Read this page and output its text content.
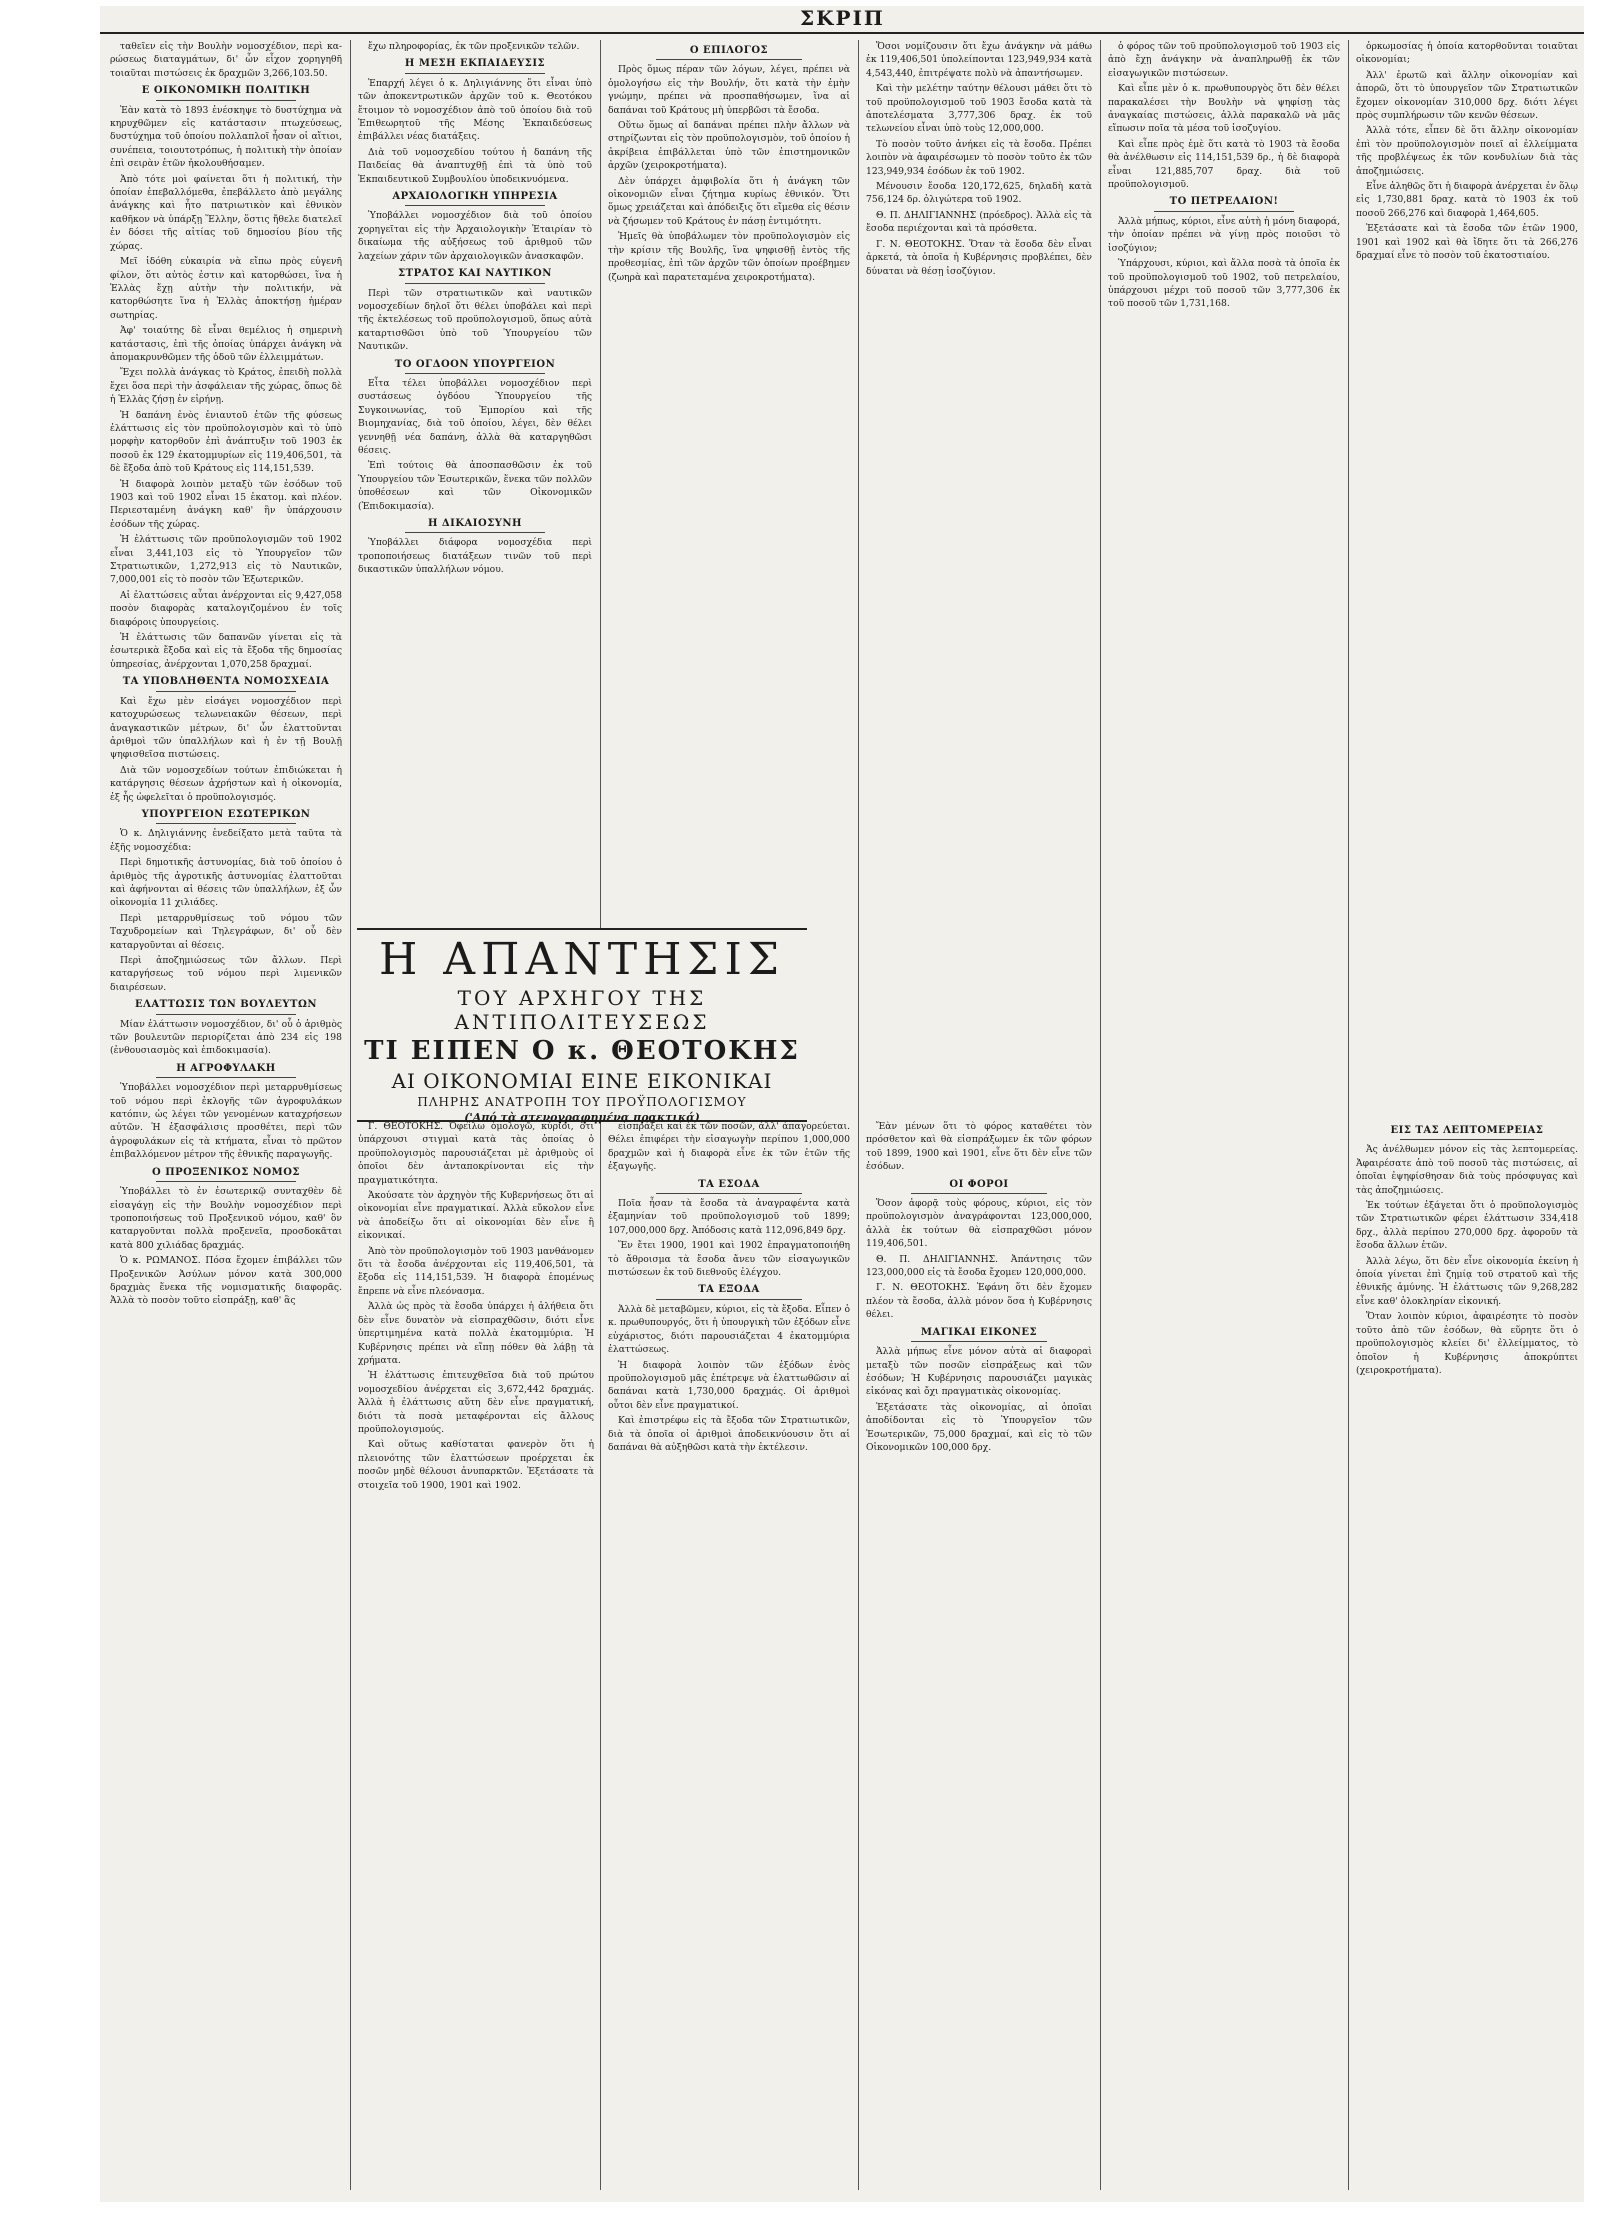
ΣΚΡΙΠ

ταθεῖεν εἰς τὴν Βουλὴν νομοσχέδιον, περὶ κα-ρώσεως διαταγμάτων, δι' ὧν εἶχον χορηγηθῆ τοιαῦται πιστώσεις ἐκ δραχμῶν 3,266,103.50.

Ε ΟΙΚΟΝΟΜΙΚΗ ΠΟΛΙΤΙΚΗ

Ἐὰν κατὰ τὸ 1893 ἐνέσκηψε τὸ δυστύχημα νὰ κηρυχθῶμεν εἰς κατάστασιν πτωχεύσεως, δυστύχημα τοῦ ὁποίου πολλαπλοῖ ἦσαν οἱ αἴτιοι, συνέπεια, τοιουτοτρόπως, ἡ πολιτικὴ τὴν ὁποίαν ἐπὶ σειρὰν ἐτῶν ἠκολουθήσαμεν.

Ἀπὸ τότε μοὶ φαίνεται ὅτι ἡ πολιτική, τὴν ὁποίαν ἐπεβαλλόμεθα, ἐπεβάλλετο ἀπὸ μεγάλης ἀνάγκης καὶ ἦτο πατριωτικὸν καὶ ἐθνικὸν καθῆκον νὰ ὑπάρξῃ Ἕλλην, ὅστις ἤθελε διατελεῖ ἐν δόσει τῆς αἰτίας τοῦ δημοσίου βίου τῆς χώρας.

Μεῖ ἰδόθη εὐκαιρία νὰ εἴπω πρὸς εὐγενῆ φίλον, ὅτι αὐτὸς ἐστιν καὶ κατορθώσει, ἵνα ἡ Ἑλλὰς ἔχῃ αὐτὴν τὴν πολιτικήν, νὰ κατορθώσητε ἵνα ἡ Ἑλλὰς ἀποκτήσῃ ἡμέραν σωτηρίας.

Ἀφ' τοιαύτης δὲ εἶναι θεμέλιος ἡ σημερινὴ κατάστασις, ἐπὶ τῆς ὁποίας ὑπάρχει ἀνάγκη νὰ ἀπομακρυνθῶμεν τῆς ὁδοῦ τῶν ἐλλειμμάτων.

Ἔχει πολλὰ ἀνάγκας τὸ Κράτος, ἐπειδὴ πολλὰ ἔχει ὅσα περὶ τὴν ἀσφάλειαν τῆς χώρας, ὅπως δὲ ἡ Ἑλλὰς ζήσῃ ἐν εἰρήνῃ.

Ἡ δαπάνη ἐνὸς ἐνιαυτοῦ ἐτῶν τῆς φύσεως ἐλάττωσις εἰς τὸν προϋπολογισμὸν καὶ τὸ ὑπὸ μορφὴν κατορθοῦν ἐπὶ ἀνάπτυξιν τοῦ 1903 ἐκ ποσοῦ ἐκ 129 ἑκατομμυρίων εἰς 119,406,501, τὰ δὲ ἔξοδα ἀπὸ τοῦ Κράτους εἰς 114,151,539.

Ἡ διαφορὰ λοιπὸν μεταξὺ τῶν ἐσόδων τοῦ 1903 καὶ τοῦ 1902 εἶναι 15 ἑκατομ. καὶ πλέον. Περιεσταμένη ἀνάγκη καθ' ἣν ὑπάρχουσιν ἐσόδων τῆς χώρας.

Ἡ ἐλάττωσις τῶν προϋπολογισμῶν τοῦ 1902 εἶναι 3,441,103 εἰς τὸ Ὑπουργεῖον τῶν Στρατιωτικῶν, 1,272,913 εἰς τὸ Ναυτικῶν, 7,000,001 εἰς τὸ ποσὸν τῶν Ἐξωτερικῶν.

Αἱ ἐλαττώσεις αὗται ἀνέρχονται εἰς 9,427,058 ποσὸν διαφορὰς καταλογιζομένου ἐν τοῖς διαφόροις ὑπουργείοις.

Ἡ ἐλάττωσις τῶν δαπανῶν γίνεται εἰς τὰ ἐσωτερικὰ ἔξοδα καὶ εἰς τὰ ἔξοδα τῆς δημοσίας ὑπηρεσίας, ἀνέρχονται 1,070,258 δραχμαί.

ΤΑ ΥΠΟΒΛΗΘΕΝΤΑ ΝΟΜΟΣΧΕΔΙΑ

Καὶ ἔχω μὲν εἰσάγει νομοσχέδιον περὶ κατοχυρώσεως τελωνειακῶν θέσεων, περὶ ἀναγκαστικῶν μέτρων, δι' ὧν ἐλαττοῦνται ἀριθμοὶ τῶν ὑπαλλήλων καὶ ἡ ἐν τῇ Βουλῇ ψηφισθεῖσα πιστώσεις.

Διὰ τῶν νομοσχεδίων τούτων ἐπιδιώκεται ἡ κατάργησις θέσεων ἀχρήστων καὶ ἡ οἰκονομία, ἐξ ἧς ὠφελεῖται ὁ προϋπολογισμός.

ΥΠΟΥΡΓΕΙΟΝ ΕΣΩΤΕΡΙΚΩΝ

Ὁ κ. Δηλιγιάννης ἐνεδείξατο μετὰ ταῦτα τὰ ἑξῆς νομοσχέδια:

Περὶ δημοτικῆς ἀστυνομίας, διὰ τοῦ ὁποίου ὁ ἀριθμὸς τῆς ἀγροτικῆς ἀστυνομίας ἐλαττοῦται καὶ ἀφήνονται αἱ θέσεις τῶν ὑπαλλήλων, ἐξ ὧν οἰκονομία 11 χιλιάδες.

Περὶ μεταρρυθμίσεως τοῦ νόμου τῶν Ταχυδρομείων καὶ Τηλεγράφων, δι' οὗ δὲν καταργοῦνται αἱ θέσεις.

Περὶ ἀποζημιώσεως τῶν ἄλλων. Περὶ καταργήσεως τοῦ νόμου περὶ λιμενικῶν διαιρέσεων.

ΕΛΑΤΤΩΣΙΣ ΤΩΝ ΒΟΥΛΕΥΤΩΝ

Μίαν ἐλάττωσιν νομοσχέδιον, δι' οὗ ὁ ἀριθμὸς τῶν βουλευτῶν περιορίζεται ἀπὸ 234 εἰς 198 (ἐνθουσιασμὸς καὶ ἐπιδοκιμασία).

Η ΑΓΡΟΦΥΛΑΚΗ

Ὑποβάλλει νομοσχέδιον περὶ μεταρρυθμίσεως τοῦ νόμου περὶ ἐκλογῆς τῶν ἀγροφυλάκων κατόπιν, ὡς λέγει τῶν γενομένων καταχρήσεων αὐτῶν. Ἡ ἐξασφάλισις προσθέτει, περὶ τῶν ἀγροφυλάκων εἰς τὰ κτήματα, εἶναι τὸ πρῶτον ἐπιβαλλόμενον μέτρον τῆς ἐθνικῆς παραγωγῆς.

Ο ΠΡΟΞΕΝΙΚΟΣ ΝΟΜΟΣ

Ὑποβάλλει τὸ ἐν ἐσωτερικῷ συνταχθὲν δὲ εἰσαγάγῃ εἰς τὴν Βουλὴν νομοσχέδιον περὶ τροποποιήσεως τοῦ Προξενικοῦ νόμου, καθ' ὃν καταργοῦνται πολλὰ προξενεῖα, προσδοκᾶται κατὰ 800 χιλιάδας δραχμάς.

Ὁ κ. ΡΩΜΑΝΟΣ. Πόσα ἔχομεν ἐπιβάλλει τῶν Προξενικῶν Ἀσύλων μόνον κατὰ 300,000 δραχμὰς ἕνεκα τῆς νομισματικῆς διαφορᾶς. Ἀλλὰ τὸ ποσὸν τοῦτο εἰσπράξῃ, καθ' ἃς

ἔχω πληροφορίας, ἐκ τῶν προξενικῶν τελῶν.

Η ΜΕΣΗ ΕΚΠΑΙΔΕΥΣΙΣ

Ἐπαρχή λέγει ὁ κ. Δηλιγιάννης ὅτι εἶναι ὑπὸ τῶν ἀποκεντρωτικῶν ἀρχῶν τοῦ κ. Θεοτόκου ἔτοιμον τὸ νομοσχέδιον ἀπὸ τοῦ ὁποίου διὰ τοῦ Ἐπιθεωρητοῦ τῆς Μέσης Ἐκπαιδεύσεως ἐπιβάλλει νέας διατάξεις.

Διὰ τοῦ νομοσχεδίου τούτου ἡ δαπάνη τῆς Παιδείας θὰ ἀναπτυχθῇ ἐπὶ τὰ ὑπὸ τοῦ Ἐκπαιδευτικοῦ Συμβουλίου ὑποδεικνυόμενα.

ΑΡΧΑΙΟΛΟΓΙΚΗ ΥΠΗΡΕΣΙΑ

Ὑποβάλλει νομοσχέδιον διὰ τοῦ ὁποίου χορηγεῖται εἰς τὴν Ἀρχαιολογικὴν Ἑταιρίαν τὸ δικαίωμα τῆς αὐξήσεως τοῦ ἀριθμοῦ τῶν λαχείων χάριν τῶν ἀρχαιολογικῶν ἀνασκαφῶν.

ΣΤΡΑΤΟΣ ΚΑΙ ΝΑΥΤΙΚΟΝ

Περὶ τῶν στρατιωτικῶν καὶ ναυτικῶν νομοσχεδίων δηλοῖ ὅτι θέλει ὑποβάλει καὶ περὶ τῆς ἐκτελέσεως τοῦ προϋπολογισμοῦ, ὅπως αὐτὰ καταρτισθῶσι ὑπὸ τοῦ Ὑπουργείου τῶν Ναυτικῶν.

ΤΟ ΟΓΔΟΟΝ ΥΠΟΥΡΓΕΙΟΝ

Εἶτα τέλει ὑποβάλλει νομοσχέδιον περὶ συστάσεως ὀγδόου Ὑπουργείου τῆς Συγκοινωνίας, τοῦ Ἐμπορίου καὶ τῆς Βιομηχανίας, διὰ τοῦ ὁποίου, λέγει, δὲν θέλει γεννηθῇ νέα δαπάνη, ἀλλὰ θὰ καταργηθῶσι θέσεις.

Ἐπὶ τούτοις θὰ ἀποσπασθῶσιν ἐκ τοῦ Ὑπουργείου τῶν Ἐσωτερικῶν, ἕνεκα τῶν πολλῶν ὑποθέσεων καὶ τῶν Οἰκονομικῶν (Ἐπιδοκιμασία).

Η ΔΙΚΑΙΟΣΥΝΗ

Ὑποβάλλει διάφορα νομοσχέδια περὶ τροποποιήσεως διατάξεων τινῶν τοῦ περὶ δικαστικῶν ὑπαλλήλων νόμου.

Ο ΕΠΙΛΟΓΟΣ

Πρὸς ὅμως πέραν τῶν λόγων, λέγει, πρέπει νὰ ὁμολογήσω εἰς τὴν Βουλήν, ὅτι κατὰ τὴν ἐμὴν γνώμην, πρέπει νὰ προσπαθήσωμεν, ἵνα αἱ δαπάναι τοῦ Κράτους μὴ ὑπερβῶσι τὰ ἔσοδα.

Οὕτω ὅμως αἱ δαπάναι πρέπει πλὴν ἄλλων νὰ στηρίζωνται εἰς τὸν προϋπολογισμὸν, τοῦ ὁποίου ἡ ἀκρίβεια ἐπιβάλλεται ὑπὸ τῶν ἐπιστημονικῶν ἀρχῶν (χειροκροτήματα).

Δὲν ὑπάρχει ἀμφιβολία ὅτι ἡ ἀνάγκη τῶν οἰκονομιῶν εἶναι ζήτημα κυρίως ἐθνικόν. Ὅτι ὅμως χρειάζεται καὶ ἀπόδειξις ὅτι εἴμεθα εἰς θέσιν νὰ ζήσωμεν τοῦ Κράτους ἐν πάσῃ ἐντιμότητι.

Ἡμεῖς θὰ ὑποβάλωμεν τὸν προϋπολογισμὸν εἰς τὴν κρίσιν τῆς Βουλῆς, ἵνα ψηφισθῇ ἐντὸς τῆς προθεσμίας, ἐπὶ τῶν ἀρχῶν τῶν ὁποίων προέβημεν (ζωηρὰ καὶ παρατεταμένα χειροκροτήματα).

Ὅσοι νομίζουσιν ὅτι ἔχω ἀνάγκην νὰ μάθω ἐκ 119,406,501 ὑπολείπονται 123,949,934 κατὰ 4,543,440, ἐπιτρέψατε πολὺ νὰ ἀπαντήσωμεν.

Καὶ τὴν μελέτην ταύτην θέλουσι μάθει ὅτι τὸ τοῦ προϋπολογισμοῦ τοῦ 1903 ἔσοδα κατὰ τὰ ἀποτελέσματα 3,777,306 δραχ. ἐκ τοῦ τελωνείου εἶναι ὑπὸ τοὺς 12,000,000.

Τὸ ποσὸν τοῦτο ἀνήκει εἰς τὰ ἔσοδα. Πρέπει λοιπὸν νὰ ἀφαιρέσωμεν τὸ ποσὸν τοῦτο ἐκ τῶν 123,949,934 ἐσόδων ἐκ τοῦ 1902.

Μένουσιν ἔσοδα 120,172,625, δηλαδὴ κατὰ 756,124 δρ. ὀλιγώτερα τοῦ 1902.

Θ. Π. ΔΗΛΙΓΙΑΝΝΗΣ (πρόεδρος). Ἀλλὰ εἰς τὰ ἔσοδα περιέχονται καὶ τὰ πρόσθετα.

Γ. Ν. ΘΕΟΤΟΚΗΣ. Ὅταν τὰ ἔσοδα δὲν εἶναι ἀρκετά, τὰ ὁποῖα ἡ Κυβέρνησις προβλέπει, δὲν δύναται νὰ θέσῃ ἰσοζύγιον.

ὁ φόρος τῶν τοῦ προϋπολογισμοῦ τοῦ 1903 εἰς ἀπὸ ἔχῃ ἀνάγκην νὰ ἀναπληρωθῇ ἐκ τῶν εἰσαγωγικῶν πιστώσεων.

Καὶ εἶπε μὲν ὁ κ. πρωθυπουργὸς ὅτι δὲν θέλει παρακαλέσει τὴν Βουλὴν νὰ ψηφίσῃ τὰς ἀναγκαίας πιστώσεις, ἀλλὰ παρακαλῶ νὰ μᾶς εἴπωσιν ποῖα τὰ μέσα τοῦ ἰσοζυγίου.

Καὶ εἶπε πρὸς ἐμὲ ὅτι κατὰ τὸ 1903 τὰ ἔσοδα θὰ ἀνέλθωσιν εἰς 114,151,539 δρ., ἡ δὲ διαφορὰ εἶναι 121,885,707 δραχ. διὰ τοῦ προϋπολογισμοῦ.

ΤΟ ΠΕΤΡΕΛΑΙΟΝ!

Ἀλλὰ μήπως, κύριοι, εἶνε αὐτὴ ἡ μόνη διαφορά, τὴν ὁποίαν πρέπει νὰ γίνῃ πρὸς ποιοῦσι τὸ ἰσοζύγιον;

Ὑπάρχουσι, κύριοι, καὶ ἄλλα ποσὰ τὰ ὁποῖα ἐκ τοῦ προϋπολογισμοῦ τοῦ 1902, τοῦ πετρελαίου, ὑπάρχουσι μέχρι τοῦ ποσοῦ τῶν 3,777,306 ἐκ τοῦ ποσοῦ τῶν 1,731,168.

ὁρκωμοσίας ἡ ὁποία κατορθοῦνται τοιαῦται οἰκονομίαι;

Ἀλλ' ἐρωτῶ καὶ ἄλλην οἰκονομίαν καὶ ἀπορῶ, ὅτι τὸ ὑπουργεῖον τῶν Στρατιωτικῶν ἔχομεν οἰκονομίαν 310,000 δρχ. διότι λέγει πρὸς συμπλήρωσιν τῶν κενῶν θέσεων.

Ἀλλὰ τότε, εἶπεν δὲ ὅτι ἄλλην οἰκονομίαν ἐπὶ τὸν προϋπολογισμὸν ποιεῖ αἱ ἐλλείμματα τῆς προβλέψεως ἐκ τῶν κονδυλίων διὰ τὰς ἀποζημιώσεις.

Εἶνε ἀληθῶς ὅτι ἡ διαφορὰ ἀνέρχεται ἐν ὅλῳ εἰς 1,730,881 δραχ. κατὰ τὸ 1903 ἐκ τοῦ ποσοῦ 266,276 καὶ διαφορὰ 1,464,605.

Ἐξετάσατε καὶ τὰ ἔσοδα τῶν ἐτῶν 1900, 1901 καὶ 1902 καὶ θὰ ἴδητε ὅτι τὰ 266,276 δραχμαί εἶνε τὸ ποσὸν τοῦ ἑκατοστιαίου.

Η ΑΠΑΝΤΗΣΙΣ
ΤΟΥ ΑΡΧΗΓΟΥ ΤΗΣ ΑΝΤΙΠΟΛΙΤΕΥΣΕΩΣ
ΤΙ ΕΙΠΕΝ Ο κ. ΘΕΟΤΟΚΗΣ
ΑΙ ΟΙΚΟΝΟΜΙΑΙ ΕΙΝΕ ΕΙΚΟΝΙΚΑΙ
ΠΛΗΡΗΣ ΑΝΑΤΡΟΠΗ ΤΟΥ ΠΡΟΫΠΟΛΟΓΙΣΜΟΥ
('Από τὰ στενογραφημένα πρακτικά)

Γ. ΘΕΟΤΟΚΗΣ. Ὀφείλω ὁμολογῶ, κύριοι, ὅτι ὑπάρχουσι στιγμαὶ κατὰ τὰς ὁποίας ὁ προϋπολογισμὸς παρουσιάζεται μὲ ἀριθμοὺς οἱ ὁποῖοι δὲν ἀνταποκρίνονται εἰς τὴν πραγματικότητα.

Ἀκούσατε τὸν ἀρχηγὸν τῆς Κυβερνήσεως ὅτι αἱ οἰκονομίαι εἶνε πραγματικαί. Ἀλλὰ εὔκολον εἶνε νὰ ἀποδείξω ὅτι αἱ οἰκονομίαι δὲν εἶνε ἢ εἰκονικαί.

Ἀπὸ τὸν προϋπολογισμὸν τοῦ 1903 μανθάνομεν ὅτι τὰ ἔσοδα ἀνέρχονται εἰς 119,406,501, τὰ ἔξοδα εἰς 114,151,539. Ἡ διαφορὰ ἑπομένως ἔπρεπε νὰ εἶνε πλεόνασμα.

Ἀλλὰ ὡς πρὸς τὰ ἔσοδα ὑπάρχει ἡ ἀλήθεια ὅτι δὲν εἶνε δυνατὸν νὰ εἰσπραχθῶσιν, διότι εἶνε ὑπερτιμημένα κατὰ πολλὰ ἑκατομμύρια. Ἡ Κυβέρνησις πρέπει νὰ εἴπῃ πόθεν θὰ λάβῃ τὰ χρήματα.

Ἡ ἐλάττωσις ἐπιτευχθεῖσα διὰ τοῦ πρώτου νομοσχεδίου ἀνέρχεται εἰς 3,672,442 δραχμάς. Ἀλλὰ ἡ ἐλάττωσις αὕτη δὲν εἶνε πραγματική, διότι τὰ ποσὰ μεταφέρονται εἰς ἄλλους προϋπολογισμούς.

Καὶ οὕτως καθίσταται φανερὸν ὅτι ἡ πλειονότης τῶν ἐλαττώσεων προέρχεται ἐκ ποσῶν μηδὲ θέλουσι ἀνυπαρκτῶν. Ἐξετάσατε τὰ στοιχεῖα τοῦ 1900, 1901 καὶ 1902.

εἰσπράξει καὶ ἐκ τῶν ποσῶν, ἀλλ' ἀπαγορεύεται. Θέλει ἐπιφέρει τὴν εἰσαγωγὴν περίπου 1,000,000 δραχμῶν καὶ ἡ διαφορὰ εἶνε ἐκ τῶν ἐτῶν τῆς ἐξαγωγῆς.

ΤΑ ΕΣΟΔΑ

Ποῖα ἦσαν τὰ ἔσοδα τὰ ἀναγραφέντα κατὰ ἐξαμηνίαν τοῦ προϋπολογισμοῦ τοῦ 1899; 107,000,000 δρχ. Ἀπόδοσις κατὰ 112,096,849 δρχ.

Ἔν ἔτει 1900, 1901 καὶ 1902 ἐπραγματοποιήθη τὸ ἄθροισμα τὰ ἔσοδα ἄνευ τῶν εἰσαγωγικῶν πιστώσεων ἐκ τοῦ διεθνοῦς ἐλέγχου.

ΤΑ ΕΞΟΔΑ

Ἀλλὰ δὲ μεταβῶμεν, κύριοι, εἰς τὰ ἔξοδα. Εἶπεν ὁ κ. πρωθυπουργός, ὅτι ἡ ὑπουργικὴ τῶν ἐξόδων εἶνε εὐχάριστος, διότι παρουσιάζεται 4 ἑκατομμύρια ἐλαττώσεως.

Ἡ διαφορὰ λοιπὸν τῶν ἐξόδων ἐνὸς προϋπολογισμοῦ μᾶς ἐπέτρεψε νὰ ἐλαττωθῶσιν αἱ δαπάναι κατὰ 1,730,000 δραχμάς. Οἱ ἀριθμοὶ οὗτοι δὲν εἶνε πραγματικοί.

Καὶ ἐπιστρέφω εἰς τὰ ἔξοδα τῶν Στρατιωτικῶν, διὰ τὰ ὁποῖα οἱ ἀριθμοὶ ἀποδεικνύουσιν ὅτι αἱ δαπάναι θὰ αὐξηθῶσι κατὰ τὴν ἐκτέλεσιν.

Ἔὰν μένων ὅτι τὸ φόρος καταθέτει τὸν πρόσθετον καὶ θὰ εἰσπράξωμεν ἐκ τῶν φόρων τοῦ 1899, 1900 καὶ 1901, εἶνε ὅτι δὲν εἶνε τῶν ἐσόδων.

ΟΙ ΦΟΡΟΙ

Ὅσον ἀφορᾷ τοὺς φόρους, κύριοι, εἰς τὸν προϋπολογισμὸν ἀναγράφονται 123,000,000, ἀλλὰ ἐκ τούτων θὰ εἰσπραχθῶσι μόνον 119,406,501.

Θ. Π. ΔΗΛΙΓΙΑΝΝΗΣ. Ἀπάντησις τῶν 123,000,000 εἰς τὰ ἔσοδα ἔχομεν 120,000,000.

Γ. Ν. ΘΕΟΤΟΚΗΣ. Ἐφάνη ὅτι δὲν ἔχομεν πλέον τὰ ἔσοδα, ἀλλὰ μόνον ὅσα ἡ Κυβέρνησις θέλει.

ΜΑΓΙΚΑΙ ΕΙΚΟΝΕΣ

Ἀλλὰ μήπως εἶνε μόνον αὐτὰ αἱ διαφοραὶ μεταξὺ τῶν ποσῶν εἰσπράξεως καὶ τῶν ἐσόδων; Ἡ Κυβέρνησις παρουσιάζει μαγικὰς εἰκόνας καὶ ὄχι πραγματικὰς οἰκονομίας.

Ἐξετάσατε τὰς οἰκονομίας, αἱ ὁποῖαι ἀποδίδονται εἰς τὸ Ὑπουργεῖον τῶν Ἐσωτερικῶν, 75,000 δραχμαί, καὶ εἰς τὸ τῶν Οἰκονομικῶν 100,000 δρχ.

ΕΙΣ ΤΑΣ ΛΕΠΤΟΜΕΡΕΙΑΣ

Ἀς ἀνέλθωμεν μόνον εἰς τὰς λεπτομερείας. Ἀφαιρέσατε ἀπὸ τοῦ ποσοῦ τὰς πιστώσεις, αἱ ὁποῖαι ἐψηφίσθησαν διὰ τοὺς πρόσφυγας καὶ τὰς ἀποζημιώσεις.

Ἐκ τούτων ἐξάγεται ὅτι ὁ προϋπολογισμὸς τῶν Στρατιωτικῶν φέρει ἐλάττωσιν 334,418 δρχ., ἀλλὰ περίπου 270,000 δρχ. ἀφοροῦν τὰ ἔσοδα ἄλλων ἐτῶν.

Ἀλλὰ λέγω, ὅτι δὲν εἶνε οἰκονομία ἐκείνη ἡ ὁποία γίνεται ἐπὶ ζημίᾳ τοῦ στρατοῦ καὶ τῆς ἐθνικῆς ἀμύνης. Ἡ ἐλάττωσις τῶν 9,268,282 εἶνε καθ' ὁλοκληρίαν εἰκονική.

Ὅταν λοιπὸν κύριοι, ἀφαιρέσητε τὸ ποσὸν τοῦτο ἀπὸ τῶν ἐσόδων, θὰ εὕρητε ὅτι ὁ προϋπολογισμὸς κλείει δι' ἐλλείμματος, τὸ ὁποῖον ἡ Κυβέρνησις ἀποκρύπτει (χειροκροτήματα).
